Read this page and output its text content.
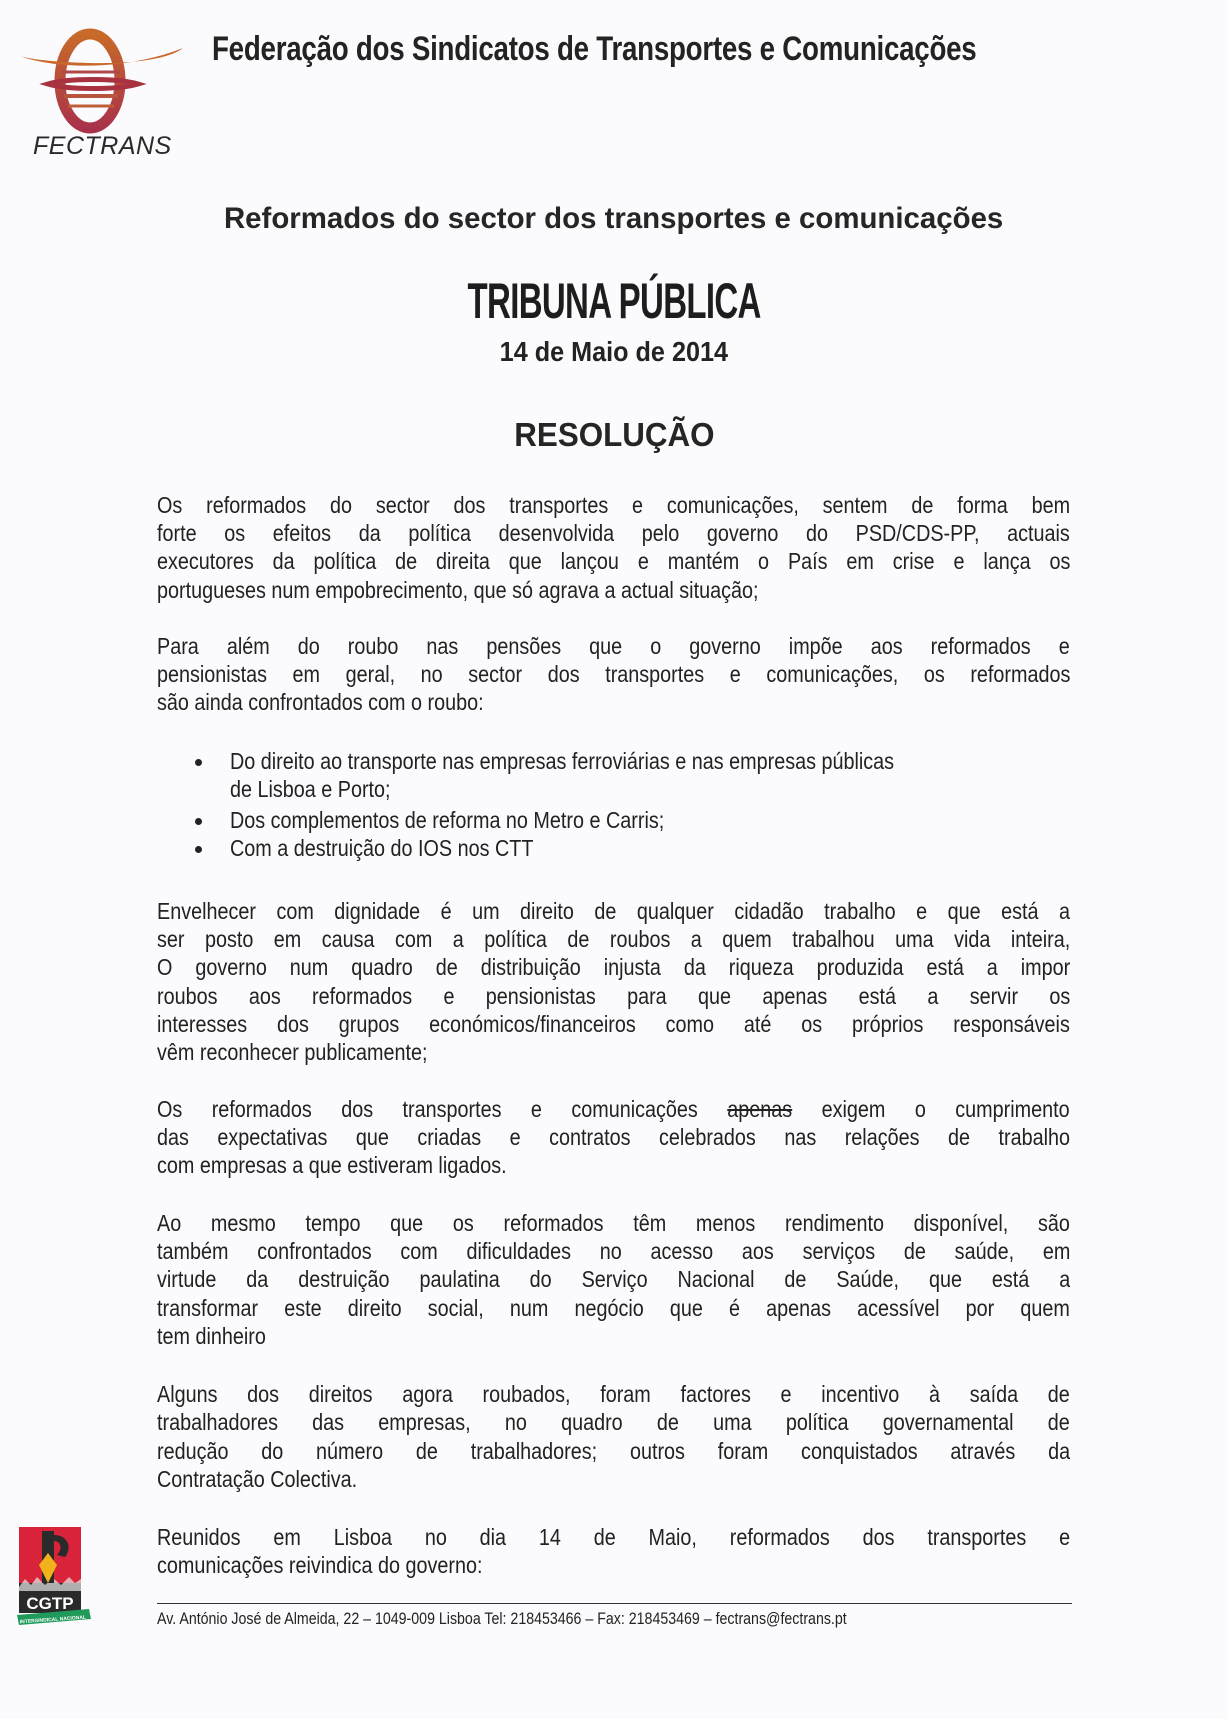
FECTRANS
Federação dos Sindicatos de Transportes e Comunicações
Reformados do sector dos transportes e comunicações
TRIBUNA PÚBLICA
14 de Maio de 2014
RESOLUÇÃO
Os reformados do sector dos transportes e comunicações, sentem de forma bem
forte os efeitos da política desenvolvida pelo governo do PSD/CDS-PP, actuais
executores da política de direita que lançou e mantém o País em crise e lança os
portugueses num empobrecimento, que só agrava a actual situação;
Para além do roubo nas pensões que o governo impõe aos reformados e
pensionistas em geral, no sector dos transportes e comunicações, os reformados
são ainda confrontados com o roubo:
Do direito ao transporte nas empresas ferroviárias e nas empresas públicas
de Lisboa e Porto;
Dos complementos de reforma no Metro e Carris;
Com a destruição do IOS nos CTT
Envelhecer com dignidade é um direito de qualquer cidadão trabalho e que está a
ser posto em causa com a política de roubos a quem trabalhou uma vida inteira,
O governo num quadro de distribuição injusta da riqueza produzida está a impor
roubos aos reformados e pensionistas para que apenas está a servir os
interesses dos grupos económicos/financeiros como até os próprios responsáveis
vêm reconhecer publicamente;
Os reformados dos transportes e comunicações apenas exigem o cumprimento
das expectativas que criadas e contratos celebrados nas relações de trabalho
com empresas a que estiveram ligados.
Ao mesmo tempo que os reformados têm menos rendimento disponível, são
também confrontados com dificuldades no acesso aos serviços de saúde, em
virtude da destruição paulatina do Serviço Nacional de Saúde, que está a
transformar este direito social, num negócio que é apenas acessível por quem
tem dinheiro
Alguns dos direitos agora roubados, foram factores e incentivo à saída de
trabalhadores das empresas, no quadro de uma política governamental de
redução do número de trabalhadores; outros foram conquistados através da
Contratação Colectiva.
Reunidos em Lisboa no dia 14 de Maio, reformados dos transportes e
comunicações reivindica do governo:
CGTP
INTERSINDICAL NACIONAL	Av. António José de Almeida, 22 – 1049-009 Lisboa Tel: 218453466 – Fax: 218453469 – fectrans@fectrans.pt
